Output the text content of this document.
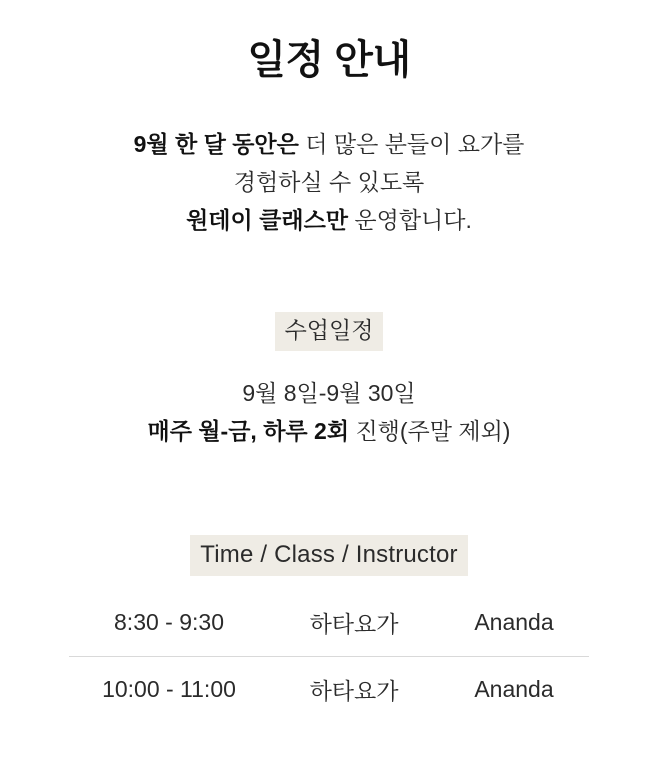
일정 안내

9월 한 달 동안은 더 많은 분들이 요가를
경험하실 수 있도록
원데이 클래스만 운영합니다.

수업일정

9월 8일-9월 30일
매주 월-금, 하루 2회 진행(주말 제외)

Time / Class / Instructor
8:30 - 9:30	하타요가	Ananda
10:00 - 11:00	하타요가	Ananda
